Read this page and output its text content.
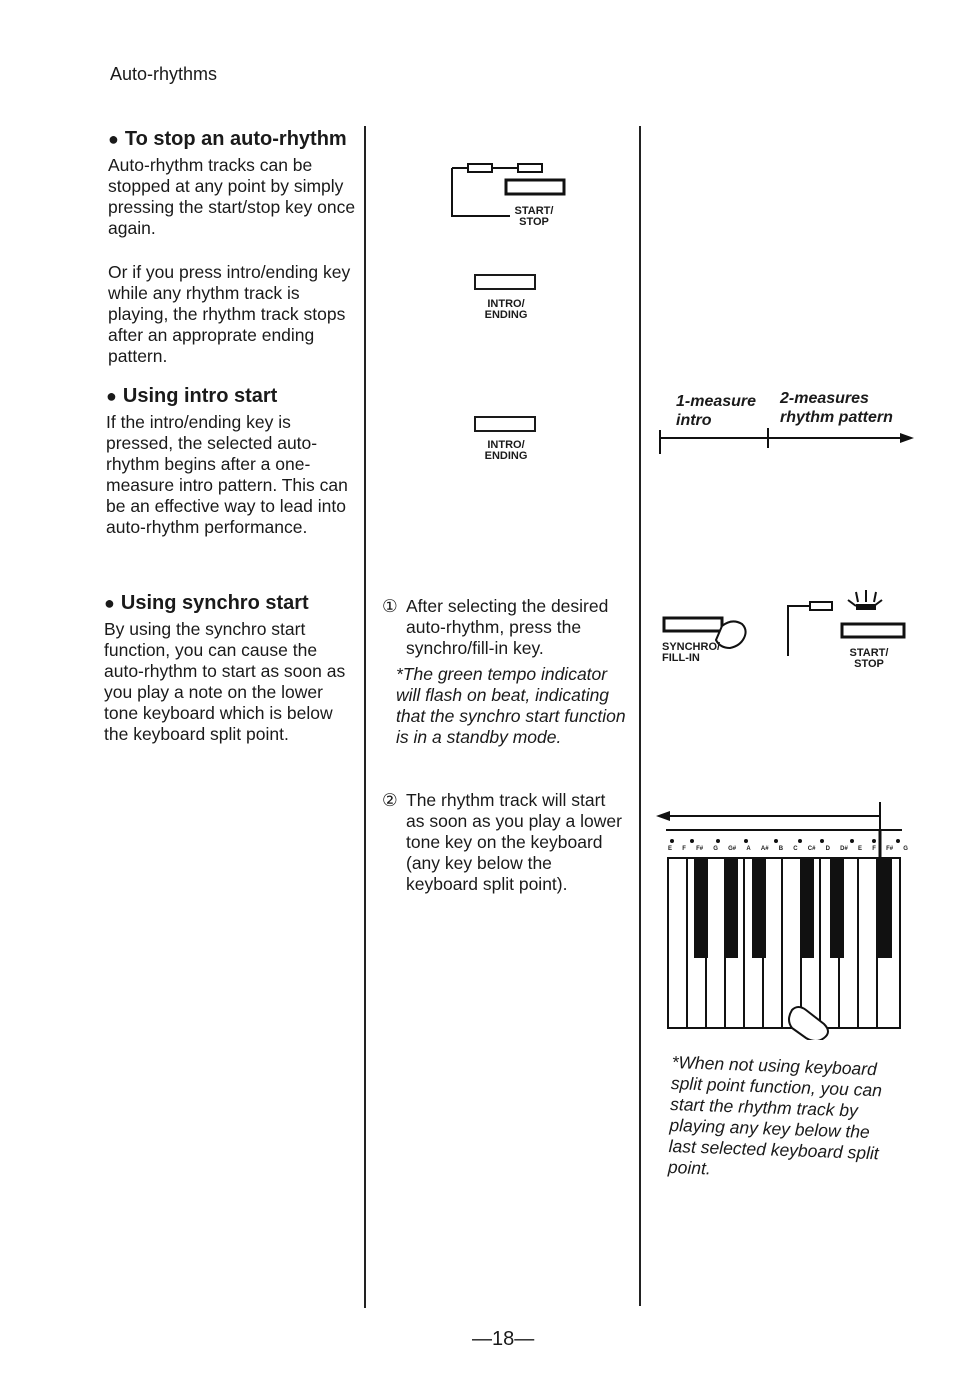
Auto-rhythms
● To stop an auto-rhythm

Auto-rhythm tracks can be stopped at any point by simply pressing the start/stop key once again.

Or if you press intro/ending key while any rhythm track is playing, the rhythm track stops after an approprate ending pattern.

● Using intro start

If the intro/ending key is pressed, the selected auto-rhythm begins after a one-measure intro pattern. This can be an effective way to lead into auto-rhythm performance.

● Using synchro start

By using the synchro start function, you can cause the auto-rhythm to start as soon as you play a note on the lower tone keyboard which is below the keyboard split point.

START/ STOP
INTRO/ ENDING
INTRO/ ENDING
① After selecting the desired auto-rhythm, press the synchro/fill-in key.
*The green tempo indicator will flash on beat, indicating that the synchro start function is in a standby mode.
② The rhythm track will start as soon as you play a lower tone key on the keyboard (any key below the keyboard split point).
1-measure intro
2-measures rhythm pattern
SYNCHRO/ FILL-IN	START/ STOP
E F F# G G# A A# B C C# D D# E F F# G
*When not using keyboard split point function, you can start the rhythm track by playing any key below the last selected keyboard split point.
—18—
